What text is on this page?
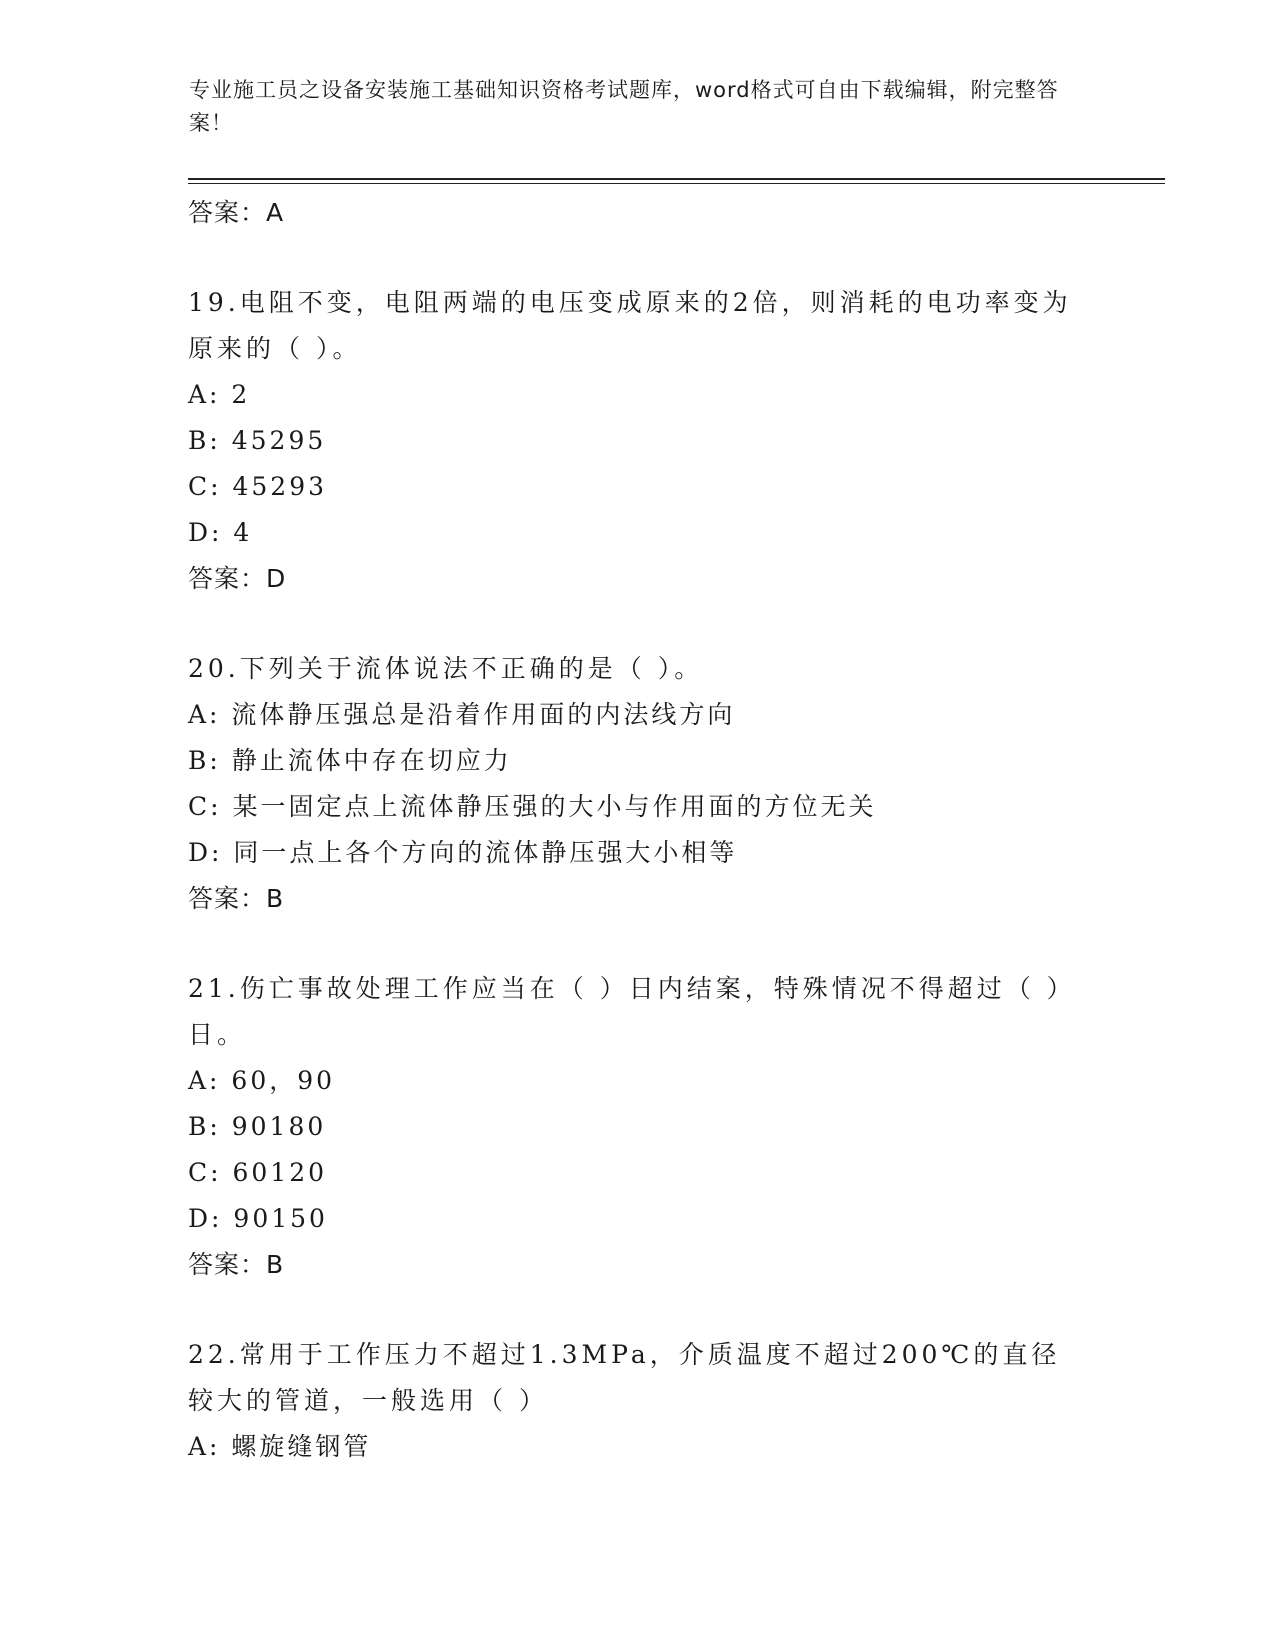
专业施工员之设备安装施工基础知识资格考试题库，word格式可自由下载编辑，附完整答案！
答案：A
19.电阻不变，电阻两端的电压变成原来的2倍，则消耗的电功率变为原来的（ ）。
A: 2
B: 45295
C: 45293
D: 4
答案：D
20.下列关于流体说法不正确的是（ ）。
A: 流体静压强总是沿着作用面的内法线方向
B: 静止流体中存在切应力
C: 某一固定点上流体静压强的大小与作用面的方位无关
D: 同一点上各个方向的流体静压强大小相等
答案：B
21.伤亡事故处理工作应当在（ ）日内结案，特殊情况不得超过（ ）日。
A: 60，90
B: 90180
C: 60120
D: 90150
答案：B
22.常用于工作压力不超过1.3MPa，介质温度不超过200℃的直径较大的管道，一般选用（ ）
A: 螺旋缝钢管
